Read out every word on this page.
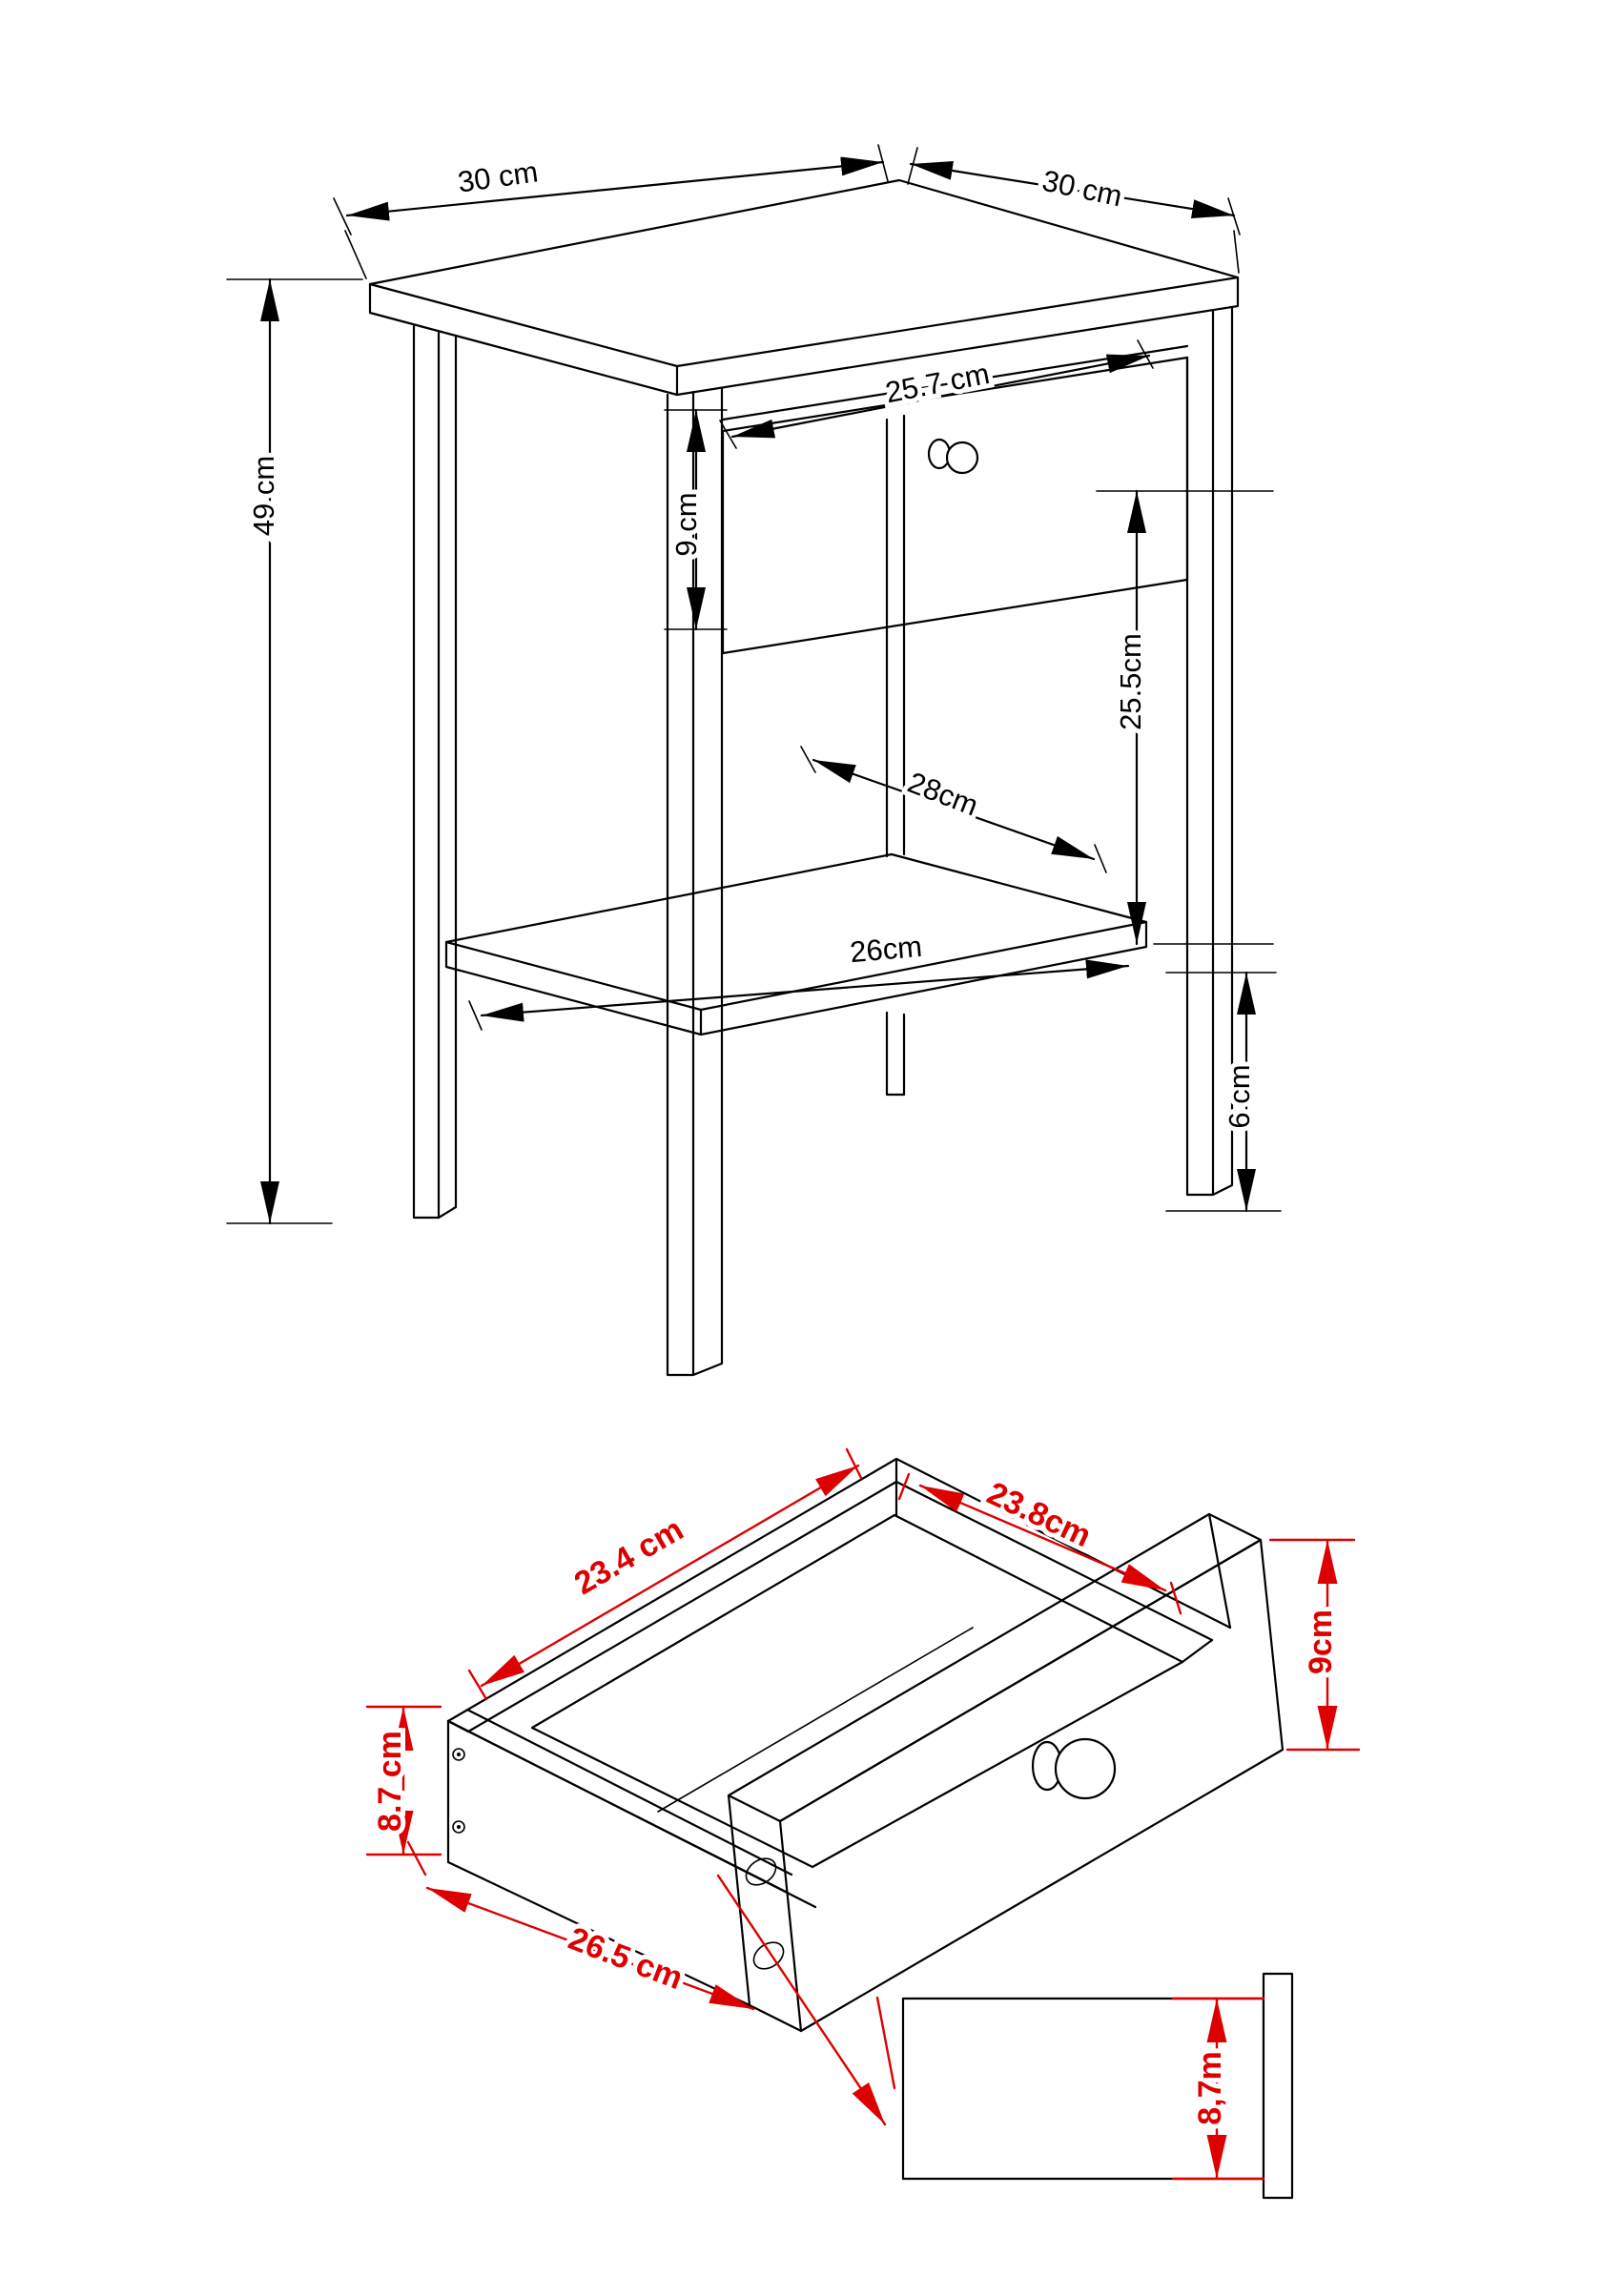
30 cm	30 cm
49 cm
25.7 cm
9 cm
25.5cm
28cm
26cm
6 cm
23.4 cm	23.8cm
9cm
8.7 cm
26.5 cm
8,7m
